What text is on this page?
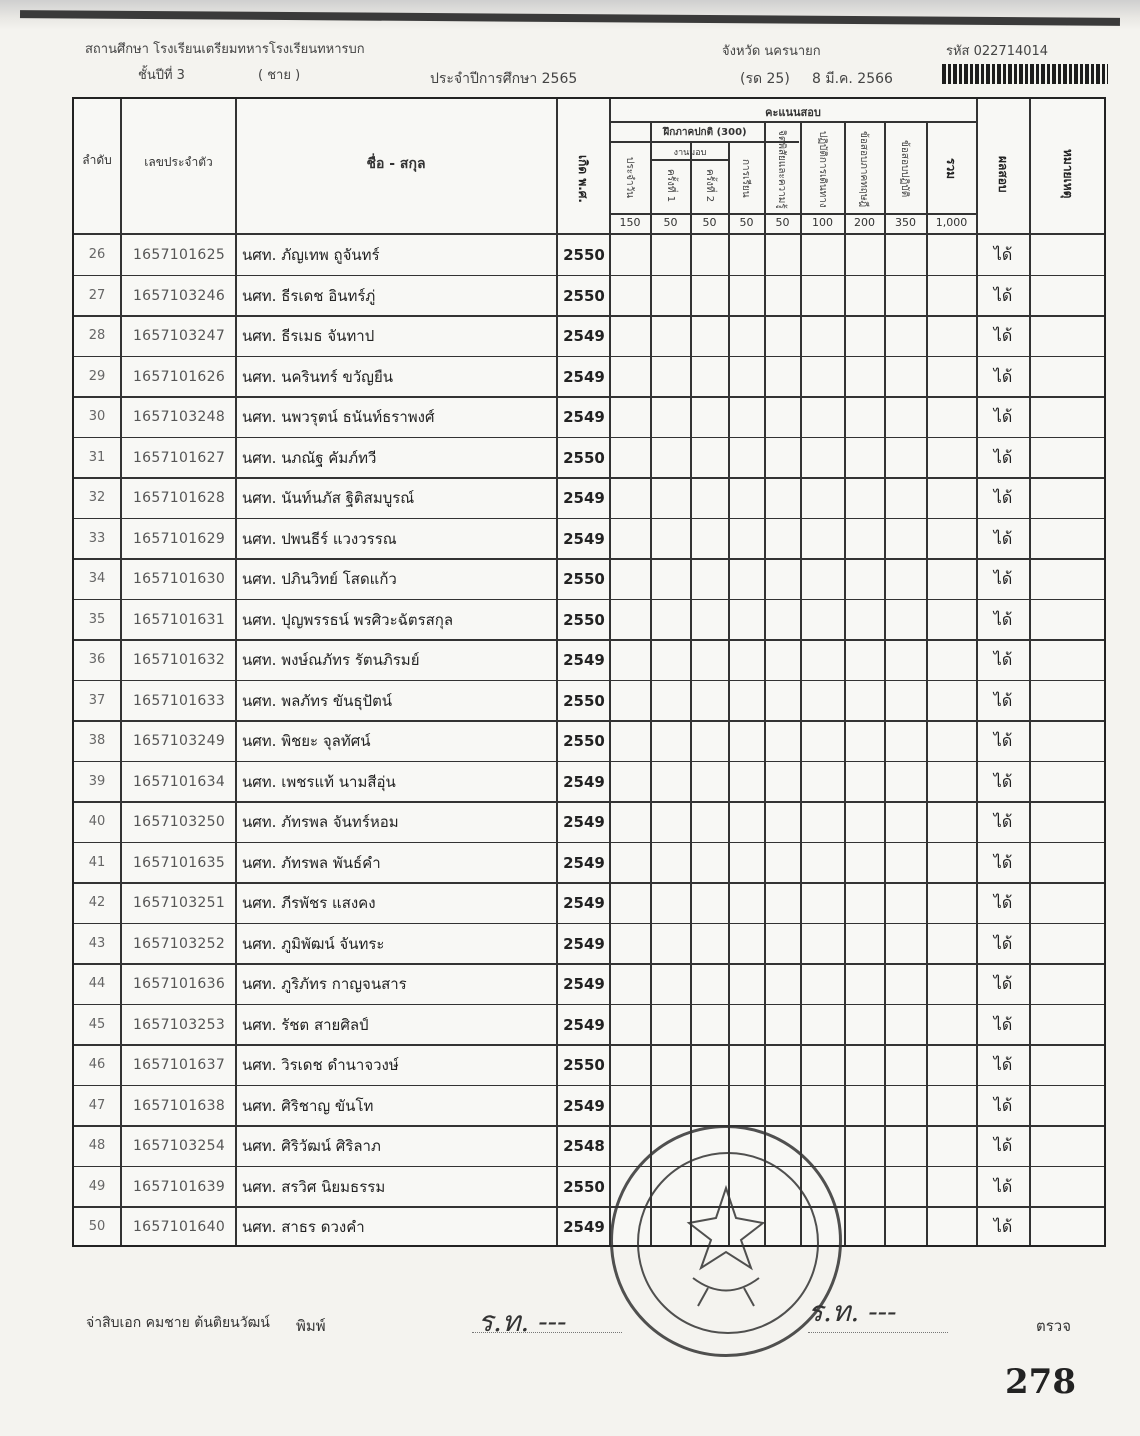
สถานศึกษา โรงเรียนเตรียมทหารโรงเรียนทหารบก	จังหวัด นครนายก	รหัส 022714014
ชั้นปีที่ 3	( ชาย )	ประจำปีการศึกษา 2565	(รด 25) 8 มี.ค. 2566
ลำดับ	เลขประจำตัว	ชื่อ - สกุล	เกิด พ.ศ.
คะแนนสอบ
ฝึกภาคปกติ (300)
งานมอบ
ประจำวัน	ครั้งที่ 1	ครั้งที่ 2	การเรียน	จิตพิสัยและความรู้	ปฏิบัติการเดินทาง	ข้อสอบภาคทฤษฎี	ข้อสอบปฏิบัติ	รวม
150	50	50	50	50	100	200	350	1,000
ผลสอบ	หมายเหตุ
26	1657101625	นศท. ภัญเทพ ถูจันทร์	2550	ได้
27	1657103246	นศท. ธีรเดช อินทร์ภู่	2550	ได้
28	1657103247	นศท. ธีรเมธ จันทาป	2549	ได้
29	1657101626	นศท. นครินทร์ ขวัญยืน	2549	ได้
30	1657103248	นศท. นพวรุตน์ ธนันท์ธราพงศ์	2549	ได้
31	1657101627	นศท. นภณัฐ คัมภ์ทวี	2550	ได้
32	1657101628	นศท. นันท์นภัส ฐิติสมบูรณ์	2549	ได้
33	1657101629	นศท. ปพนธีร์ แวงวรรณ	2549	ได้
34	1657101630	นศท. ปภินวิทย์ โสดแก้ว	2550	ได้
35	1657101631	นศท. ปุญพรรธน์ พรศิวะฉัตรสกุล	2550	ได้
36	1657101632	นศท. พงษ์ณภัทร รัตนภิรมย์	2549	ได้
37	1657101633	นศท. พลภัทร ขันธุปัตน์	2550	ได้
38	1657103249	นศท. พิชยะ จุลทัศน์	2550	ได้
39	1657101634	นศท. เพชรแท้ นามสีอุ่น	2549	ได้
40	1657103250	นศท. ภัทรพล จันทร์หอม	2549	ได้
41	1657101635	นศท. ภัทรพล พันธ์คำ	2549	ได้
42	1657103251	นศท. ภีรพัชร แสงคง	2549	ได้
43	1657103252	นศท. ภูมิพัฒน์ จันทระ	2549	ได้
44	1657101636	นศท. ภูริภัทร กาญจนสาร	2549	ได้
45	1657103253	นศท. รัชต สายศิลป์	2549	ได้
46	1657101637	นศท. วิรเดช ดำนาจวงษ์	2550	ได้
47	1657101638	นศท. ศิริชาญ ขันโท	2549	ได้
48	1657103254	นศท. ศิริวัฒน์ ศิริลาภ	2548	ได้
49	1657101639	นศท. สรวิศ นิยมธรรม	2550	ได้
50	1657101640	นศท. สาธร ดวงคำ	2549	ได้
จ่าสิบเอก คมชาย ต้นติยนวัฒน์ พิมพ์	ร.ท. ---	ร.ท. ---	ตรวจ
278
